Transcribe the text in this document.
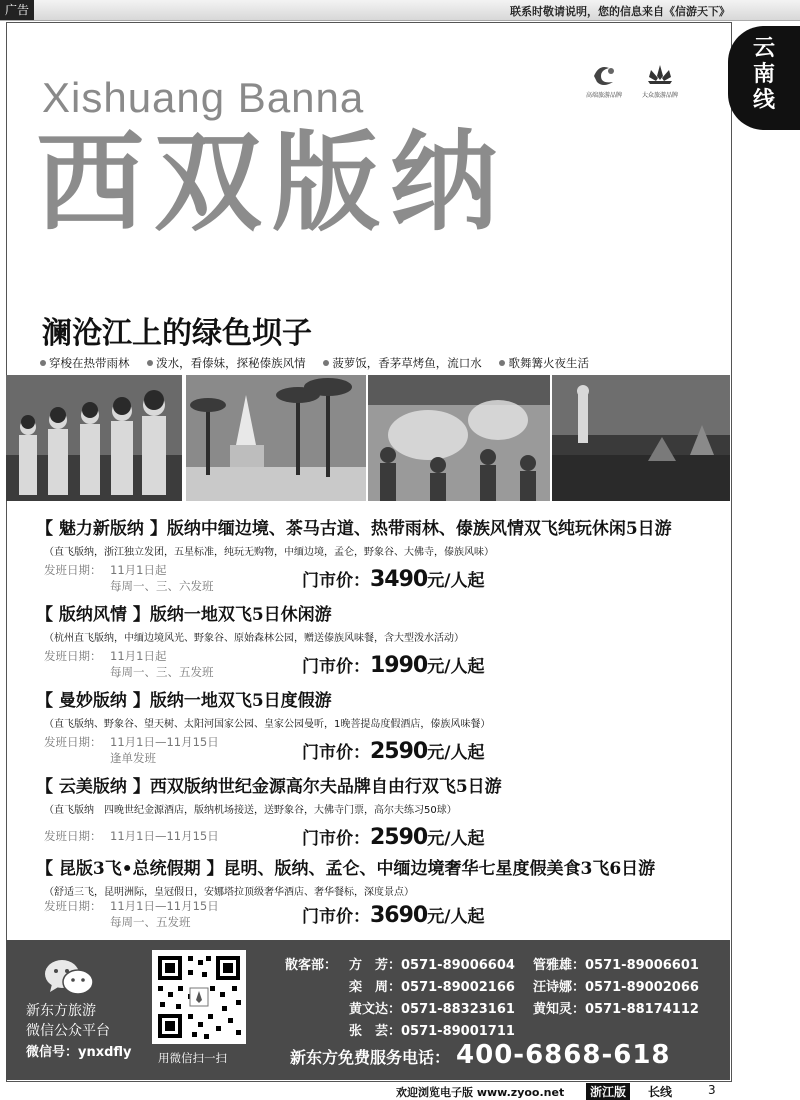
广告	联系时敬请说明，您的信息来自《信游天下》
云
南
线
Xishuang Banna
西双版纳
高端旅游品牌	大众旅游品牌
澜沧江上的绿色坝子
穿梭在热带雨林 泼水，看傣妹，探秘傣族风情 菠萝饭，香茅草烤鱼，流口水 歌舞篝火夜生活
【 魅力新版纳 】版纳中缅边境、茶马古道、热带雨林、傣族风情双飞纯玩休闲5日游
（直飞版纳，浙江独立发团，五星标准，纯玩无购物，中缅边境，孟仑，野象谷、大佛寺，傣族风味）
发班日期： 11月1日起
每周一、三、六发班	门市价：3490元/人起
【 版纳风情 】版纳一地双飞5日休闲游
（杭州直飞版纳，中缅边境风光、野象谷、原始森林公园，赠送傣族风味餐，含大型泼水活动）
发班日期： 11月1日起
每周一、三、五发班	门市价：1990元/人起
【 曼妙版纳 】版纳一地双飞5日度假游
（直飞版纳、野象谷、望天树、太阳河国家公园、皇家公园曼听，1晚菩提岛度假酒店，傣族风味餐）
发班日期： 11月1日—11月15日
逢单发班	门市价：2590元/人起
【 云美版纳 】西双版纳世纪金源高尔夫品牌自由行双飞5日游
（直飞版纳　四晚世纪金源酒店，版纳机场接送，送野象谷，大佛寺门票，高尔夫练习50球）
发班日期： 11月1日—11月15日	门市价：2590元/人起
【 昆版3飞•总统假期 】昆明、版纳、孟仑、中缅边境奢华七星度假美食3飞6日游
（舒适三飞，昆明洲际，皇冠假日，安娜塔拉顶级奢华酒店、奢华餐标，深度景点）
发班日期： 11月1日—11月15日
每周一、五发班	门市价：3690元/人起
新东方旅游
微信公众平台
微信号：ynxdfly 用微信扫一扫
散客部： 方　芳：0571-89006604 管雅雄：0571-89006601
栾　周：0571-89002166 汪诗娜：0571-89002066
黄文达：0571-88323161 黄知灵：0571-88174112
张　芸：0571-89001711
新东方免费服务电话： 400-6868-618
欢迎浏览电子版 www.zyoo.net	浙江版	长线	3
